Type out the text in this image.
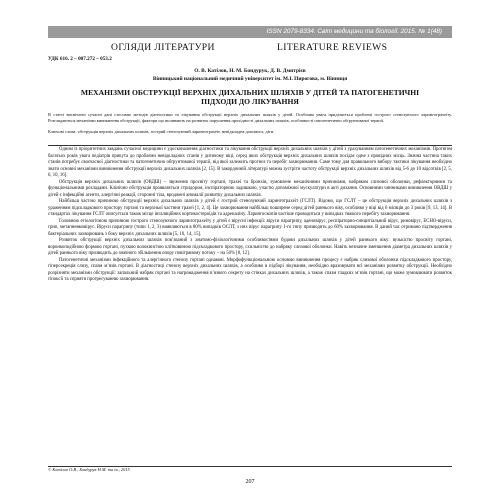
ISSN 2079-8334. Світ медицини та біології. 2015. № 1(48)
ОГЛЯДИ ЛІТЕРАТУРИ	LITERATURE REVIEWS
УДК 616. 2 – 007.272 – 053.2
О. В. Катілов, Н. М. Бондурук, Д. В. Дмитрієв
Вінницький національний медичний університет ім. М.І. Пирогова, м. Вінниця
МЕХАНІЗМИ ОБСТРУКЦІЇ ВЕРХНІХ ДИХАЛЬНИХ ШЛЯХІВ У ДІТЕЙ ТА ПАТОГЕНЕТИЧНІ ПІДХОДИ ДО ЛІКУВАННЯ
В статті висвітлені сучасні дані стосовно методів діагностики та лікування обструкції верхніх дихальних шляхів у дітей. Особлива увага приділяється проблемі гострого стенозуючого ларинготрахеїту. Розглядаються механізми виникнення обструкції, фактори що впливають на розвиток порушення прохідності дихальних шляхів, особливості патогенетично обґрунтованої терапії.
Ключові слова: обструкція верхніх дихальних шляхів, гострий стенозуючий ларинготрахеїт, невідкладна допомога, діти.

Одним із пріоритетних завдань сучасної медицини є удосконалення діагностики та лікування обструкції верхніх дихальних шляхів у дітей з урахуванням патогенетичних механізмів. Протягом багатьох років увага педіатрів прикута до проблеми невідкладних станів у дитячому віці, серед яких обструкція верхніх дихальних шляхів посідає одне з провідних місць. Значна частина таких станів потребує своєчасної діагностики та патогенетично обґрунтованої терапії, від якої залежить прогноз та перебіг захворювання. Саме тому для правильного вибору тактики лікування необхідно знати основні механізми виникнення обструкції верхніх дихальних шляхів [2, 15]. В закордонній літературі можна зустріти частоту обструкції верхніх дихальних шляхів від 5-6 до 10 відсотків [2, 5, 6, 10, 16].

Обструкція верхніх дихальних шляхів (ОВДШ) – звуження просвіту гортані, трахеї та бронхів, зумовлене механічними причинами, набряком слизової оболонки, рефлекторними та функціональними розладами. Клінічно обструкція проявляється стридором, інспіраторною задишкою, участю допоміжної мускулатури в акті дихання. Основними чинниками виникнення ОВДШ у дітей є інфекційні агенти, алергічні реакції, сторонні тіла, вроджені аномалії розвитку дихальних шляхів.

Найбільш частою причиною обструкції верхніх дихальних шляхів у дітей є гострий стенозуючий ларинготрахеїт (ГСЛТ). Відомо, що ГСЛТ – це обструкція верхніх дихальних шляхів з ураженням підскладкового простору гортані та верхньої частини трахеї [1, 2, 4]. Це захворювання найбільш поширене серед дітей раннього віку, особливо у віці від 6 місяців до 3 років [9, 13, 14]. В стандартах лікування ГСЛТ описується також місце інгаляційних кортикостероїдів та адреналіну. Ларингоскопія частіше проводиться у випадках тяжкого перебігу захворювання.

Головною етіологічною причиною гострого стенозуючого ларинготрахеїту у дітей є вірусні інфекції: віруси парагрипу, аденовірус, респіраторно-синцитіальний вірус, риновірус, ЕСНО-віруси, грип, метапневмовірус. Віруси парагрипу (типи 1, 2, 3) виявляються в 80% випадків ОСЛТ, з них вірус парагрипу 1-го типу призводить до 60% захворювання. В даний час отримано підтвердження бактеріальних захворювань з боку верхніх дихальних шляхів [5, 10, 14, 15].

Розвиток обструкції верхніх дихальних шляхів пов’язаний з анатомо-фізіологічними особливостями будови дихальних шляхів у дітей раннього віку: вузькістю просвіту гортані, воронкоподібною формою гортані, пухкою волокнистою клітковиною підскладкового простору, схильністю до набряку слизової оболонки. Навіть незначне зменшення діаметра дихальних шляхів у дітей раннього віку призводить до значного збільшення опору повітряному потоку – на 50% [8, 12].

Патогенетичні механізми інфекційного та алергічного стенозу гортані однакові. Морфофункціональною основою виникнення процесу є набряк слизової оболонки підскладкового простору, гіперсекреція слизу, спазм м’язів гортані. В діагностиці стенозу верхніх дихальних шляхів, а особливо в підборі лікування, необхідно враховувати всі механізми розвитку обструкції. Необхідно розрізняти механізми обструкції: запальний набряк гортані та нагромадження в’язкого секрету на стінках дихальних шляхів, а також спазм гладких м’язів гортані, що може зумовлювати розвиток гіпоксії та сприяти прогресуванню захворювання.

© Катілов О.В., Бондурук Н.М. та ін., 2015
207
